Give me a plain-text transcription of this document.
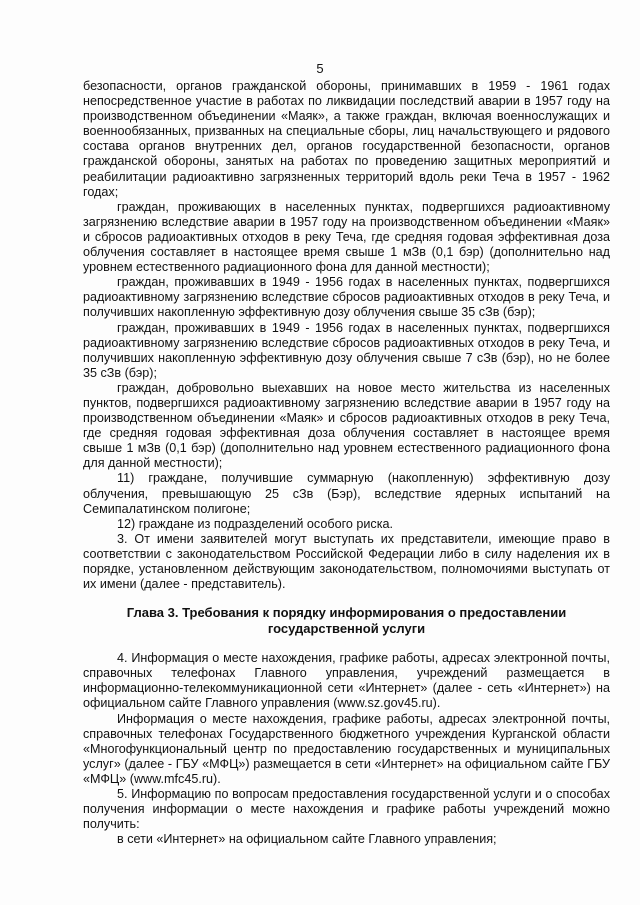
5

безопасности, органов гражданской обороны, принимавших в 1959 - 1961 годах непосредственное участие в работах по ликвидации последствий аварии в 1957 году на производственном объединении «Маяк», а также граждан, включая военнослужащих и военнообязанных, призванных на специальные сборы, лиц начальствующего и рядового состава органов внутренних дел, органов государственной безопасности, органов гражданской обороны, занятых на работах по проведению защитных мероприятий и реабилитации радиоактивно загрязненных территорий вдоль реки Теча в 1957 - 1962 годах;

граждан, проживающих в населенных пунктах, подвергшихся радиоактивному загрязнению вследствие аварии в 1957 году на производственном объединении «Маяк» и сбросов радиоактивных отходов в реку Теча, где средняя годовая эффективная доза облучения составляет в настоящее время свыше 1 мЗв (0,1 бэр) (дополнительно над уровнем естественного радиационного фона для данной местности);

граждан, проживавших в 1949 - 1956 годах в населенных пунктах, подвергшихся радиоактивному загрязнению вследствие сбросов радиоактивных отходов в реку Теча, и получивших накопленную эффективную дозу облучения свыше 35 сЗв (бэр);

граждан, проживавших в 1949 - 1956 годах в населенных пунктах, подвергшихся радиоактивному загрязнению вследствие сбросов радиоактивных отходов в реку Теча, и получивших накопленную эффективную дозу облучения свыше 7 сЗв (бэр), но не более 35 сЗв (бэр);

граждан, добровольно выехавших на новое место жительства из населенных пунктов, подвергшихся радиоактивному загрязнению вследствие аварии в 1957 году на производственном объединении «Маяк» и сбросов радиоактивных отходов в реку Теча, где средняя годовая эффективная доза облучения составляет в настоящее время свыше 1 мЗв (0,1 бэр) (дополнительно над уровнем естественного радиационного фона для данной местности);

11) граждане, получившие суммарную (накопленную) эффективную дозу облучения, превышающую 25 сЗв (Бэр), вследствие ядерных испытаний на Семипалатинском полигоне;

12) граждане из подразделений особого риска.

3. От имени заявителей могут выступать их представители, имеющие право в соответствии с законодательством Российской Федерации либо в силу наделения их в порядке, установленном действующим законодательством, полномочиями выступать от их имени (далее - представитель).

Глава 3. Требования к порядку информирования о предоставлении
государственной услуги

4. Информация о месте нахождения, графике работы, адресах электронной почты, справочных телефонах Главного управления, учреждений размещается в информационно-телекоммуникационной сети «Интернет» (далее - сеть «Интернет») на официальном сайте Главного управления (www.sz.gov45.ru).

Информация о месте нахождения, графике работы, адресах электронной почты, справочных телефонах Государственного бюджетного учреждения Курганской области «Многофункциональный центр по предоставлению государственных и муниципальных услуг» (далее - ГБУ «МФЦ») размещается в сети «Интернет» на официальном сайте ГБУ «МФЦ» (www.mfc45.ru).

5. Информацию по вопросам предоставления государственной услуги и о способах получения информации о месте нахождения и графике работы учреждений можно получить:

в сети «Интернет» на официальном сайте Главного управления;
